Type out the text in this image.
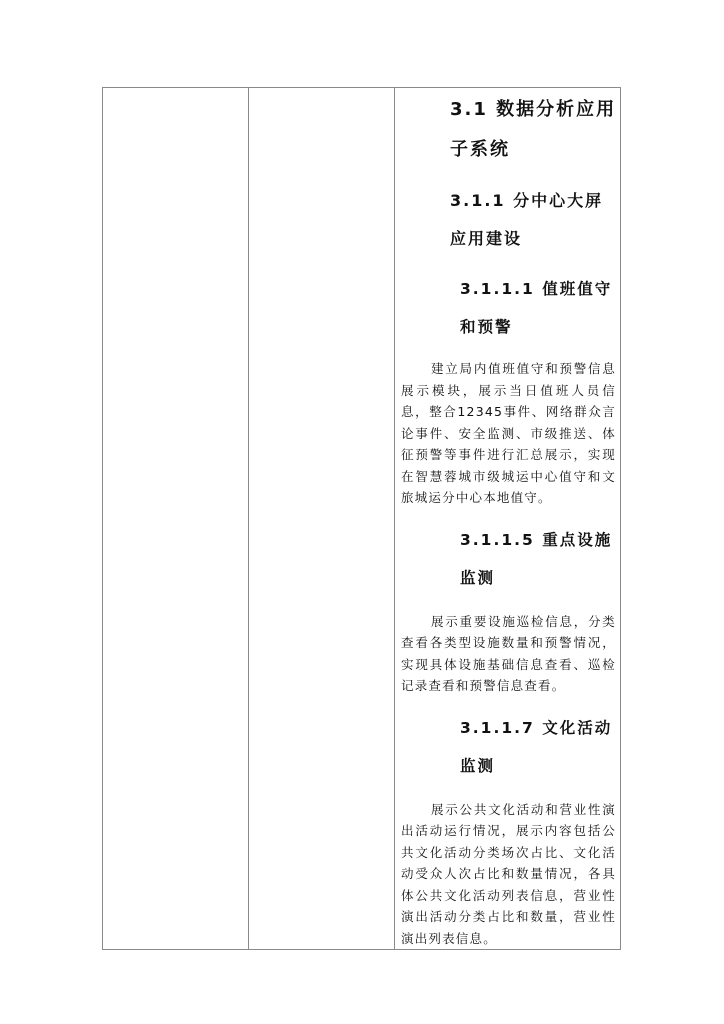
3.1 数据分析应用子系统

3.1.1 分中心大屏应用建设

3.1.1.1 值班值守和预警

建立局内值班值守和预警信息展示模块，展示当日值班人员信息，整合12345事件、网络群众言论事件、安全监测、市级推送、体征预警等事件进行汇总展示，实现在智慧蓉城市级城运中心值守和文旅城运分中心本地值守。

3.1.1.5 重点设施监测

展示重要设施巡检信息，分类查看各类型设施数量和预警情况，实现具体设施基础信息查看、巡检记录查看和预警信息查看。

3.1.1.7 文化活动监测

展示公共文化活动和营业性演出活动运行情况，展示内容包括公共文化活动分类场次占比、文化活动受众人次占比和数量情况，各具体公共文化活动列表信息，营业性演出活动分类占比和数量，营业性演出列表信息。
